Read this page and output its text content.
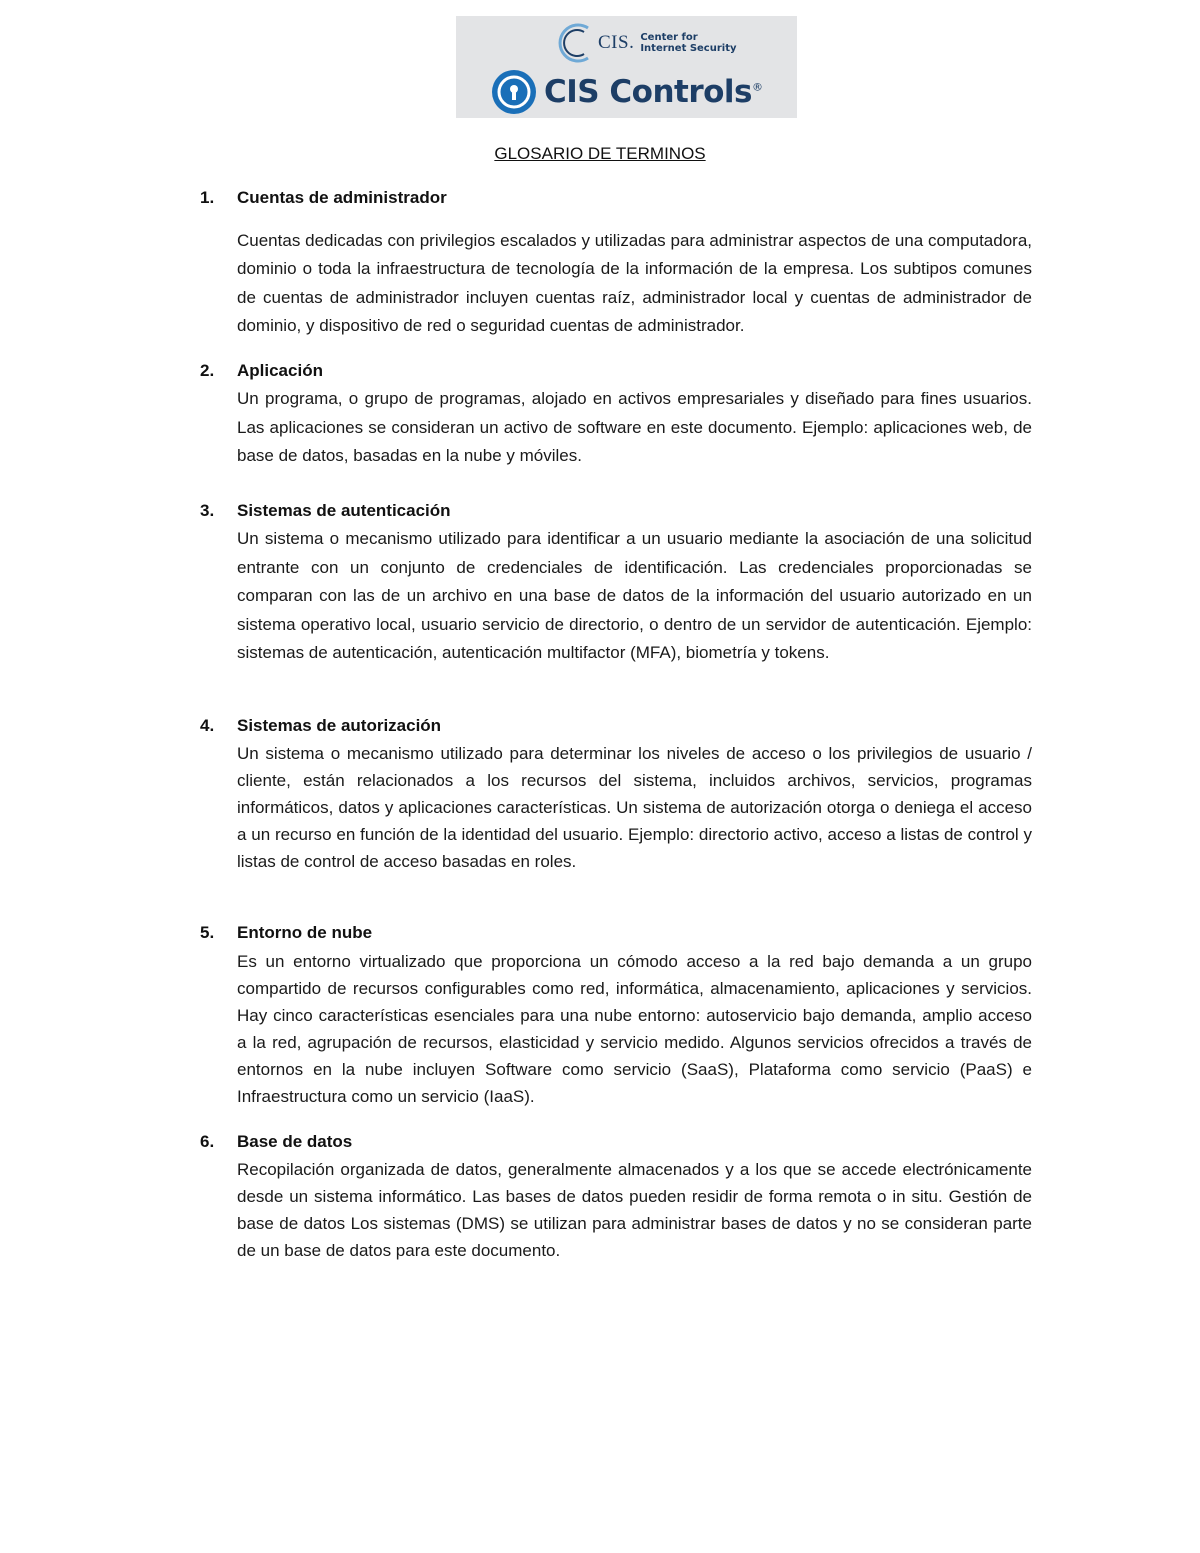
CIS. Center for
Internet Security
CIS Controls®
GLOSARIO DE TERMINOS
1.	Cuentas de administrador
Cuentas dedicadas con privilegios escalados y utilizadas para administrar aspectos de una computadora, dominio o toda la infraestructura de tecnología de la información de la empresa. Los subtipos comunes de cuentas de administrador incluyen cuentas raíz, administrador local y cuentas de administrador de dominio, y dispositivo de red o seguridad cuentas de administrador.
2.	Aplicación
Un programa, o grupo de programas, alojado en activos empresariales y diseñado para fines usuarios. Las aplicaciones se consideran un activo de software en este documento. Ejemplo: aplicaciones web, de base de datos, basadas en la nube y móviles.
3.	Sistemas de autenticación
Un sistema o mecanismo utilizado para identificar a un usuario mediante la asociación de una solicitud entrante con un conjunto de credenciales de identificación. Las credenciales proporcionadas se comparan con las de un archivo en una base de datos de la información del usuario autorizado en un sistema operativo local, usuario servicio de directorio, o dentro de un servidor de autenticación. Ejemplo: sistemas de autenticación, autenticación multifactor (MFA), biometría y tokens.
4.	Sistemas de autorización
Un sistema o mecanismo utilizado para determinar los niveles de acceso o los privilegios de usuario / cliente, están relacionados a los recursos del sistema, incluidos archivos, servicios, programas informáticos, datos y aplicaciones características. Un sistema de autorización otorga o deniega el acceso a un recurso en función de la identidad del usuario. Ejemplo: directorio activo, acceso a listas de control y listas de control de acceso basadas en roles.
5.	Entorno de nube
Es un entorno virtualizado que proporciona un cómodo acceso a la red bajo demanda a un grupo compartido de recursos configurables como red, informática, almacenamiento, aplicaciones y servicios. Hay cinco características esenciales para una nube entorno: autoservicio bajo demanda, amplio acceso a la red, agrupación de recursos, elasticidad y servicio medido. Algunos servicios ofrecidos a través de entornos en la nube incluyen Software como servicio (SaaS), Plataforma como servicio (PaaS) e Infraestructura como un servicio (IaaS).
6.	Base de datos
Recopilación organizada de datos, generalmente almacenados y a los que se accede electrónicamente desde un sistema informático. Las bases de datos pueden residir de forma remota o in situ. Gestión de base de datos Los sistemas (DMS) se utilizan para administrar bases de datos y no se consideran parte de un base de datos para este documento.
